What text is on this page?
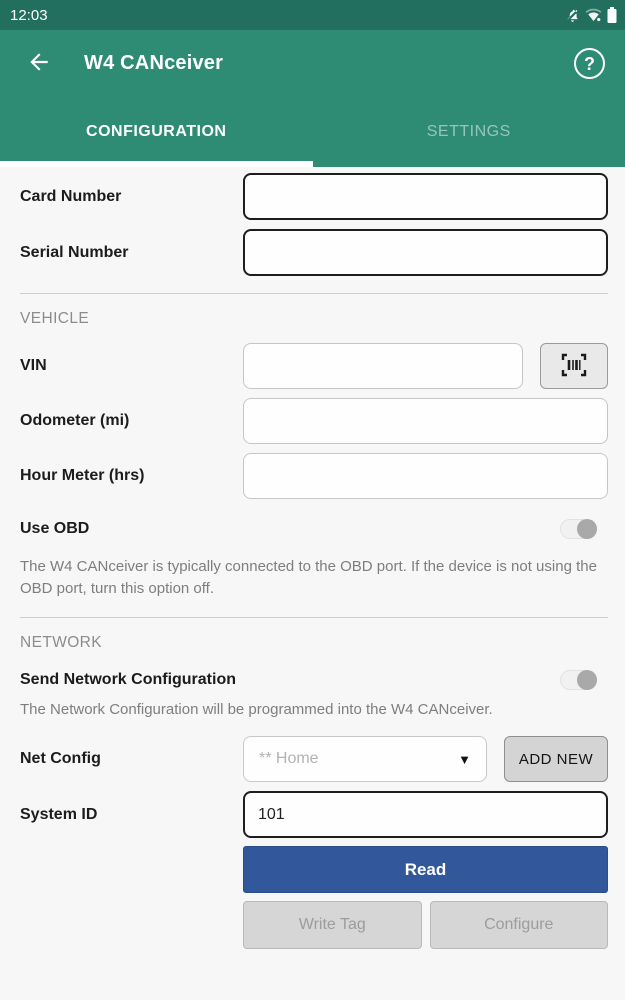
12:03
W4 CANceiver	?
CONFIGURATION	SETTINGS
Card Number
Serial Number
VEHICLE
VIN
Odometer (mi)
Hour Meter (hrs)
Use OBD
The W4 CANceiver is typically connected to the OBD port. If the device is not using the OBD port, turn this option off.
NETWORK
Send Network Configuration
The Network Configuration will be programmed into the W4 CANceiver.
Net Config	** Home	▼	ADD NEW
System ID
101
Read
Write Tag	Configure
